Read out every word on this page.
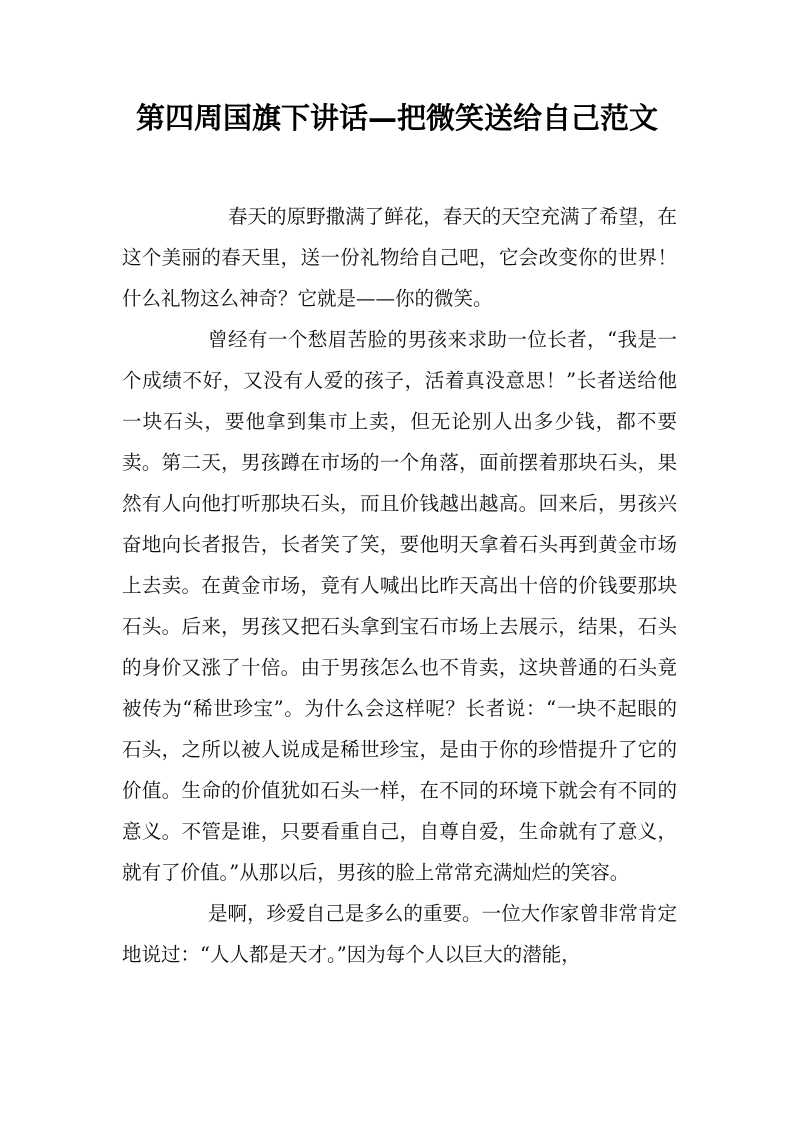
第四周国旗下讲话—把微笑送给自己范文

春天的原野撒满了鲜花，春天的天空充满了希望，在这个美丽的春天里，送一份礼物给自己吧，它会改变你的世界！什么礼物这么神奇？它就是——你的微笑。

曾经有一个愁眉苦脸的男孩来求助一位长者，“我是一个成绩不好，又没有人爱的孩子，活着真没意思！”长者送给他一块石头，要他拿到集市上卖，但无论别人出多少钱，都不要卖。第二天，男孩蹲在市场的一个角落，面前摆着那块石头，果然有人向他打听那块石头，而且价钱越出越高。回来后，男孩兴奋地向长者报告，长者笑了笑，要他明天拿着石头再到黄金市场上去卖。在黄金市场，竟有人喊出比昨天高出十倍的价钱要那块石头。后来，男孩又把石头拿到宝石市场上去展示，结果，石头的身价又涨了十倍。由于男孩怎么也不肯卖，这块普通的石头竟被传为“稀世珍宝”。为什么会这样呢？长者说：“一块不起眼的石头，之所以被人说成是稀世珍宝，是由于你的珍惜提升了它的价值。生命的价值犹如石头一样，在不同的环境下就会有不同的意义。不管是谁，只要看重自己，自尊自爱，生命就有了意义，就有了价值。”从那以后，男孩的脸上常常充满灿烂的笑容。

是啊，珍爱自己是多么的重要。一位大作家曾非常肯定地说过：“人人都是天才。”因为每个人以巨大的潜能，
